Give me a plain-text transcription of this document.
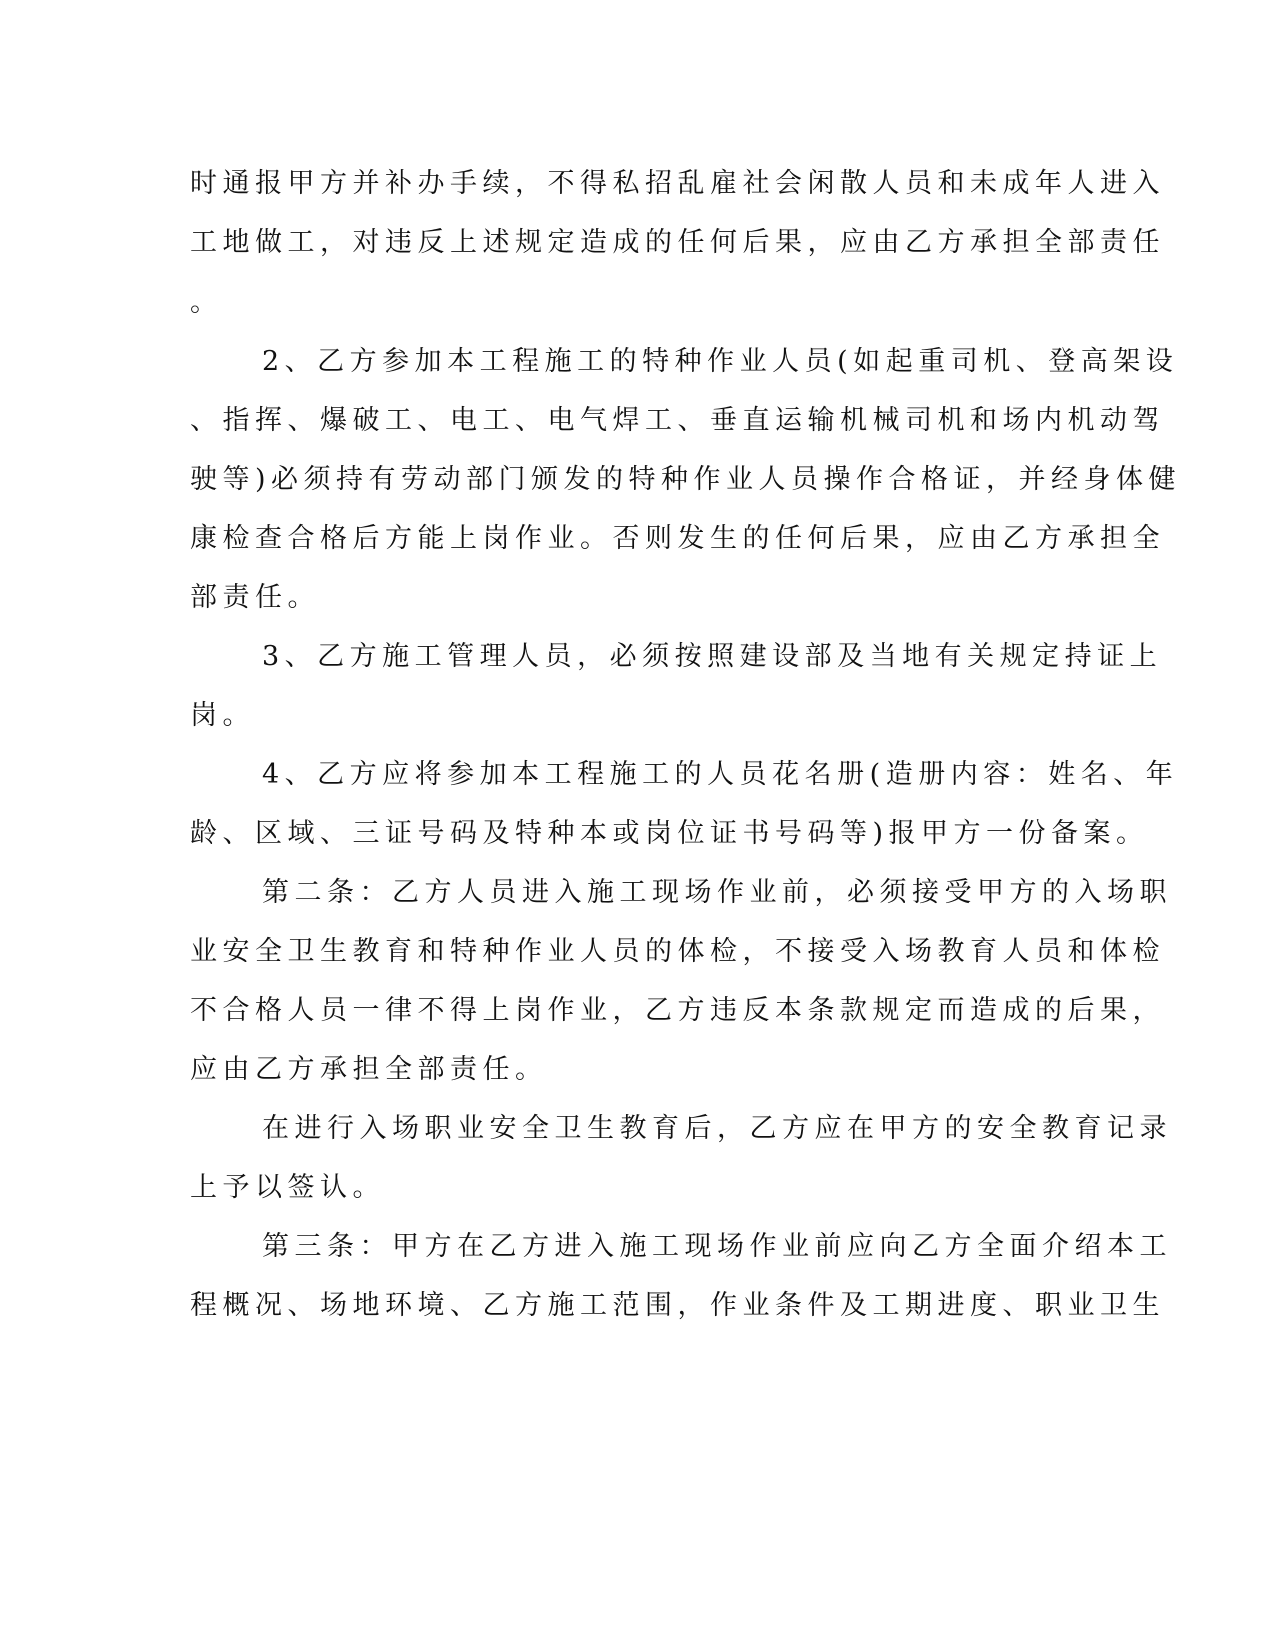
时通报甲方并补办手续，不得私招乱雇社会闲散人员和未成年人进入
工地做工，对违反上述规定造成的任何后果，应由乙方承担全部责任
。
2、乙方参加本工程施工的特种作业人员(如起重司机、登高架设
、指挥、爆破工、电工、电气焊工、垂直运输机械司机和场内机动驾
驶等)必须持有劳动部门颁发的特种作业人员操作合格证，并经身体健
康检查合格后方能上岗作业。否则发生的任何后果，应由乙方承担全
部责任。
3、乙方施工管理人员，必须按照建设部及当地有关规定持证上
岗。
4、乙方应将参加本工程施工的人员花名册(造册内容：姓名、年
龄、区域、三证号码及特种本或岗位证书号码等)报甲方一份备案。
第二条：乙方人员进入施工现场作业前，必须接受甲方的入场职
业安全卫生教育和特种作业人员的体检，不接受入场教育人员和体检
不合格人员一律不得上岗作业，乙方违反本条款规定而造成的后果，
应由乙方承担全部责任。
在进行入场职业安全卫生教育后，乙方应在甲方的安全教育记录
上予以签认。
第三条：甲方在乙方进入施工现场作业前应向乙方全面介绍本工
程概况、场地环境、乙方施工范围，作业条件及工期进度、职业卫生
